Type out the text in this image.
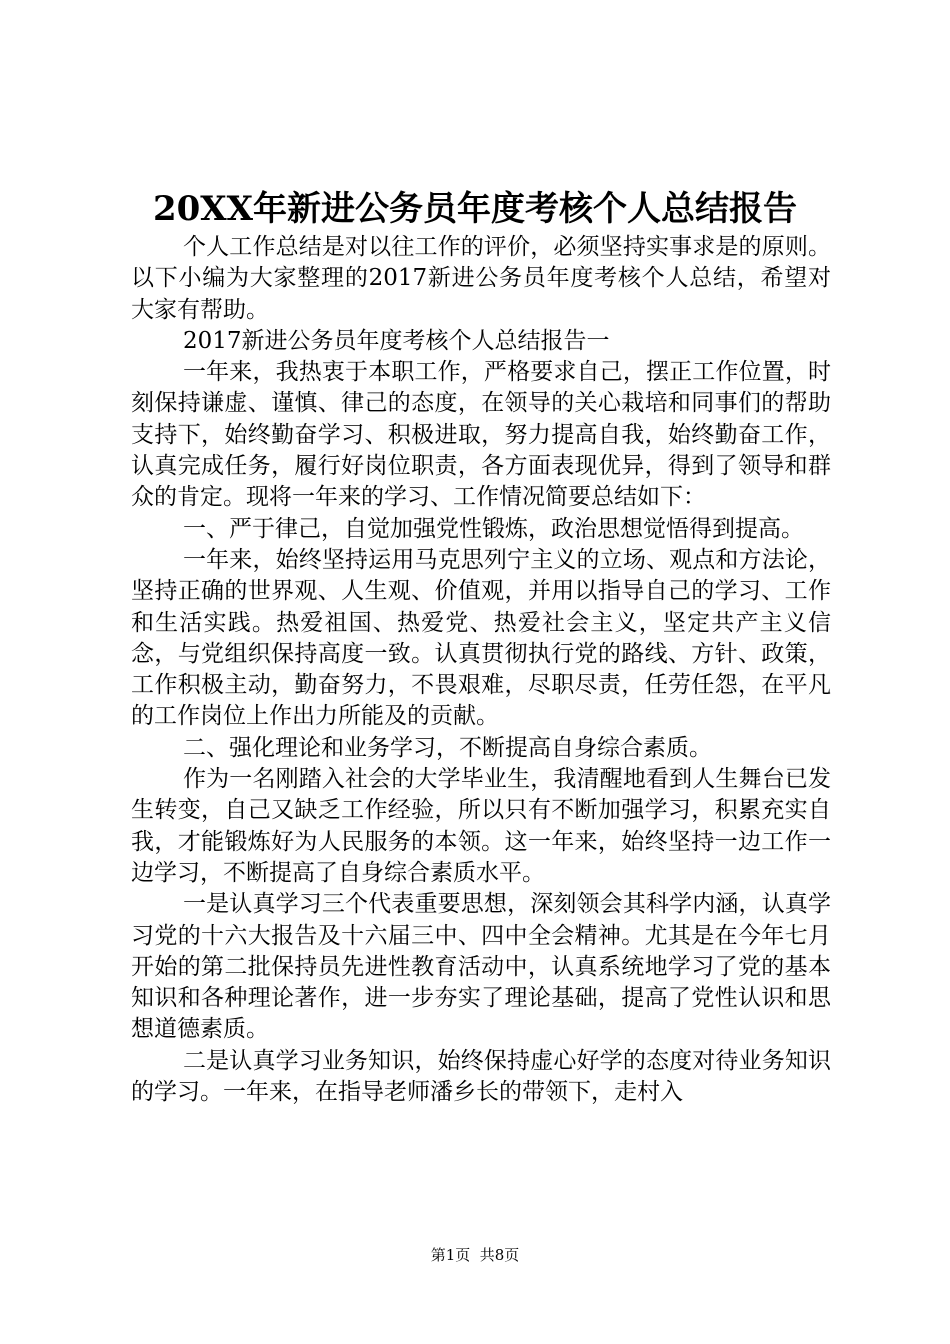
20XX年新进公务员年度考核个人总结报告

个人工作总结是对以往工作的评价，必须坚持实事求是的原则。以下小编为大家整理的2017新进公务员年度考核个人总结，希望对大家有帮助。

2017新进公务员年度考核个人总结报告一

一年来，我热衷于本职工作，严格要求自己，摆正工作位置，时刻保持谦虚、谨慎、律己的态度，在领导的关心栽培和同事们的帮助支持下，始终勤奋学习、积极进取，努力提高自我，始终勤奋工作，认真完成任务，履行好岗位职责，各方面表现优异，得到了领导和群众的肯定。现将一年来的学习、工作情况简要总结如下：

一、严于律己，自觉加强党性锻炼，政治思想觉悟得到提高。

一年来，始终坚持运用马克思列宁主义的立场、观点和方法论，坚持正确的世界观、人生观、价值观，并用以指导自己的学习、工作和生活实践。热爱祖国、热爱党、热爱社会主义，坚定共产主义信念，与党组织保持高度一致。认真贯彻执行党的路线、方针、政策，工作积极主动，勤奋努力，不畏艰难，尽职尽责，任劳任怨，在平凡的工作岗位上作出力所能及的贡献。

二、强化理论和业务学习，不断提高自身综合素质。

作为一名刚踏入社会的大学毕业生，我清醒地看到人生舞台已发生转变，自己又缺乏工作经验，所以只有不断加强学习，积累充实自我，才能锻炼好为人民服务的本领。这一年来，始终坚持一边工作一边学习，不断提高了自身综合素质水平。

一是认真学习三个代表重要思想，深刻领会其科学内涵，认真学习党的十六大报告及十六届三中、四中全会精神。尤其是在今年七月开始的第二批保持员先进性教育活动中，认真系统地学习了党的基本知识和各种理论著作，进一步夯实了理论基础，提高了党性认识和思想道德素质。

二是认真学习业务知识，始终保持虚心好学的态度对待业务知识的学习。一年来，在指导老师潘乡长的带领下，走村入

第1页  共8页
